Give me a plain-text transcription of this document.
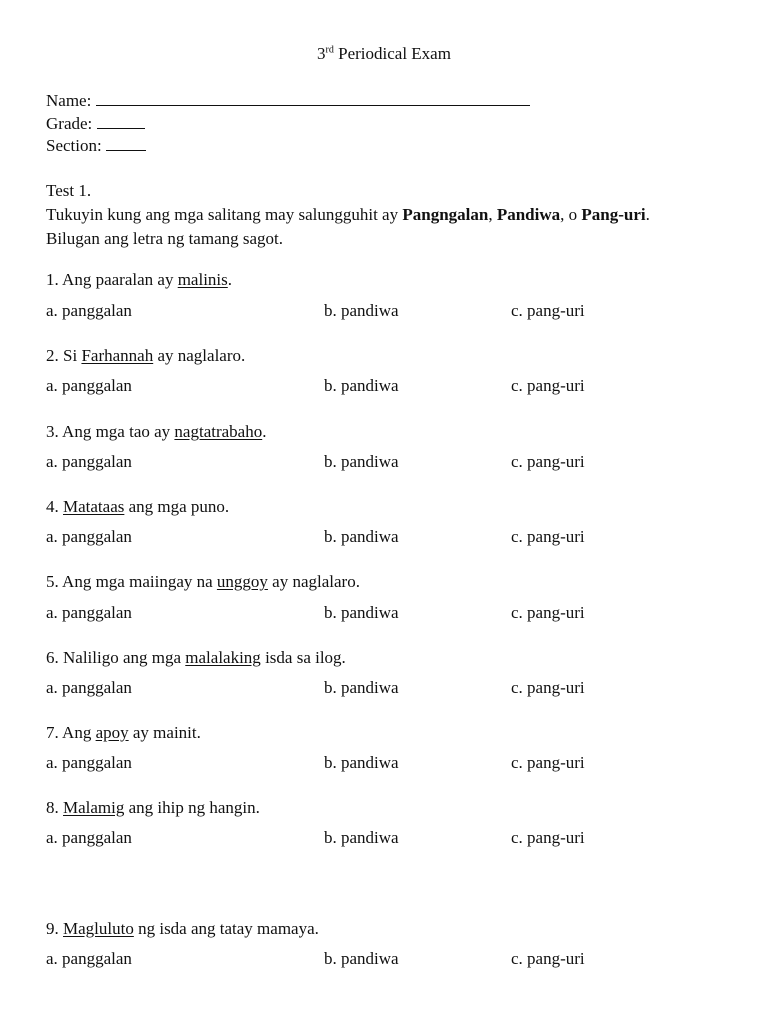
3rd Periodical Exam
Name:
Grade:
Section:
Test 1.
Tukuyin kung ang mga salitang may salungguhit ay Pangngalan, Pandiwa, o Pang-uri. Bilugan ang letra ng tamang sagot.
1. Ang paaralan ay malinis.
a. panggalan	b. pandiwa	c. pang-uri
2. Si Farhannah ay naglalaro.
a. panggalan	b. pandiwa	c. pang-uri
3. Ang mga tao ay nagtatrabaho.
a. panggalan	b. pandiwa	c. pang-uri
4. Matataas ang mga puno.
a. panggalan	b. pandiwa	c. pang-uri
5. Ang mga maiingay na unggoy ay naglalaro.
a. panggalan	b. pandiwa	c. pang-uri
6. Naliligo ang mga malalaking isda sa ilog.
a. panggalan	b. pandiwa	c. pang-uri
7. Ang apoy ay mainit.
a. panggalan	b. pandiwa	c. pang-uri
8. Malamig ang ihip ng hangin.
a. panggalan	b. pandiwa	c. pang-uri
9. Magluluto ng isda ang tatay mamaya.
a. panggalan	b. pandiwa	c. pang-uri
